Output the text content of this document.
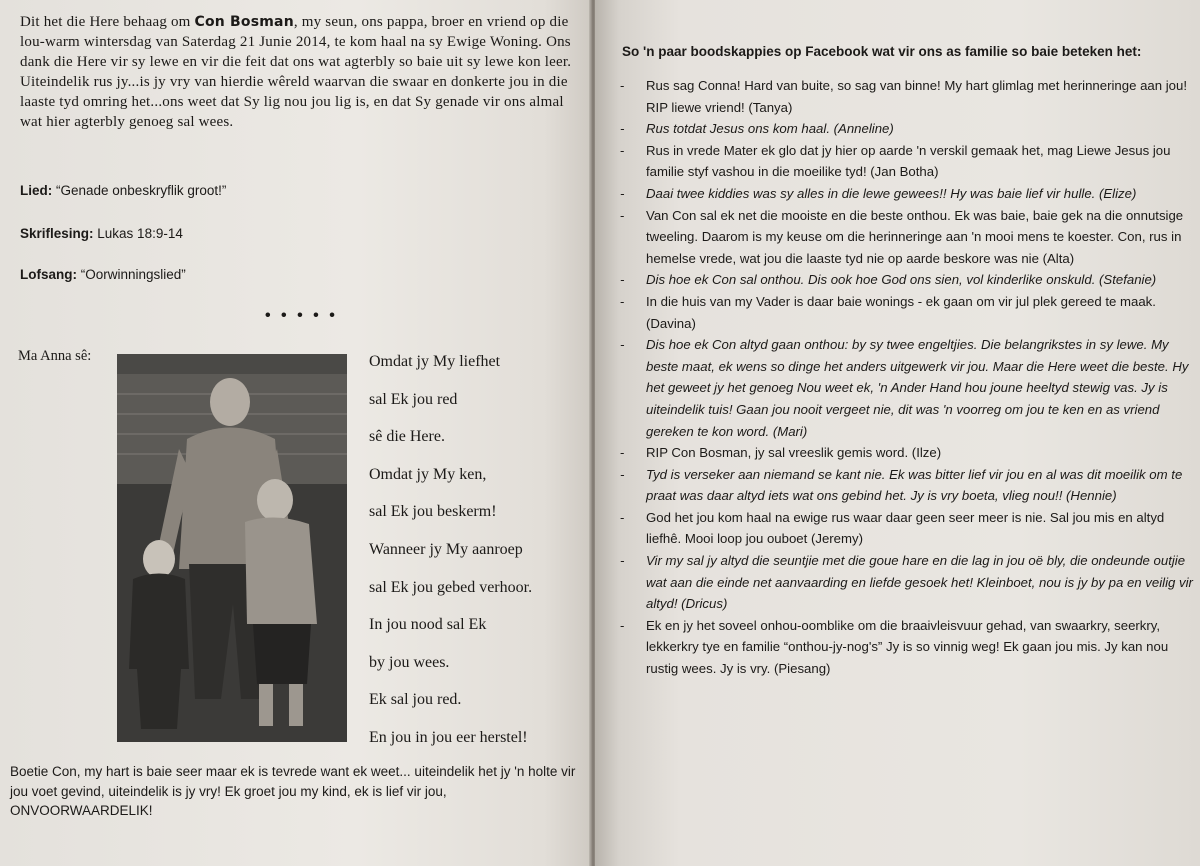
Dit het die Here behaag om Con Bosman, my seun, ons pappa, broer en vriend op die lou-warm wintersdag van Saterdag 21 Junie 2014, te kom haal na sy Ewige Woning. Ons dank die Here vir sy lewe en vir die feit dat ons wat agterbly so baie uit sy lewe kon leer. Uiteindelik rus jy...is jy vry van hierdie wêreld waarvan die swaar en donkerte jou in die laaste tyd omring het...ons weet dat Sy lig nou jou lig is, en dat Sy genade vir ons almal wat hier agterbly genoeg sal wees.

Lied: “Genade onbeskryflik groot!”

Skriflesing: Lukas 18:9-14

Lofsang: “Oorwinningslied”

• • • • •
Ma Anna sê:	Omdat jy My liefhet
sal Ek jou red
sê die Here.
Omdat jy My ken,
sal Ek jou beskerm!
Wanneer jy My aanroep
sal Ek jou gebed verhoor.
In jou nood sal Ek
by jou wees.
Ek sal jou red.
En jou in jou eer herstel!

Boetie Con, my hart is baie seer maar ek is tevrede want ek weet... uiteindelik het jy 'n holte vir jou voet gevind, uiteindelik is jy vry! Ek groet jou my kind, ek is lief vir jou, ONVOORWAARDELIK!

So 'n paar boodskappies op Facebook wat vir ons as familie so baie beteken het:

- Rus sag Conna! Hard van buite, so sag van binne! My hart glimlag met herinneringe aan jou! RIP liewe vriend! (Tanya)
- Rus totdat Jesus ons kom haal. (Anneline)
- Rus in vrede Mater ek glo dat jy hier op aarde 'n verskil gemaak het, mag Liewe Jesus jou familie styf vashou in die moeilike tyd! (Jan Botha)
- Daai twee kiddies was sy alles in die lewe gewees!! Hy was baie lief vir hulle. (Elize)
- Van Con sal ek net die mooiste en die beste onthou. Ek was baie, baie gek na die onnutsige tweeling. Daarom is my keuse om die herinneringe aan 'n mooi mens te koester. Con, rus in hemelse vrede, wat jou die laaste tyd nie op aarde beskore was nie (Alta)
- Dis hoe ek Con sal onthou. Dis ook hoe God ons sien, vol kinderlike onskuld. (Stefanie)
- In die huis van my Vader is daar baie wonings - ek gaan om vir jul plek gereed te maak. (Davina)
- Dis hoe ek Con altyd gaan onthou: by sy twee engeltjies. Die belangrikstes in sy lewe. My beste maat, ek wens so dinge het anders uitgewerk vir jou. Maar die Here weet die beste. Hy het geweet jy het genoeg Nou weet ek, 'n Ander Hand hou joune heeltyd stewig vas. Jy is uiteindelik tuis! Gaan jou nooit vergeet nie, dit was 'n voorreg om jou te ken en as vriend gereken te kon word. (Mari)
- RIP Con Bosman, jy sal vreeslik gemis word. (Ilze)
- Tyd is verseker aan niemand se kant nie. Ek was bitter lief vir jou en al was dit moeilik om te praat was daar altyd iets wat ons gebind het. Jy is vry boeta, vlieg nou!! (Hennie)
- God het jou kom haal na ewige rus waar daar geen seer meer is nie. Sal jou mis en altyd liefhê. Mooi loop jou ouboet (Jeremy)
- Vir my sal jy altyd die seuntjie met die goue hare en die lag in jou oë bly, die ondeunde outjie wat aan die einde net aanvaarding en liefde gesoek het! Kleinboet, nou is jy by pa en veilig vir altyd! (Dricus)
- Ek en jy het soveel onhou-oomblike om die braaivleisvuur gehad, van swaarkry, seerkry, lekkerkry tye en familie “onthou-jy-nog's” Jy is so vinnig weg! Ek gaan jou mis. Jy kan nou rustig wees. Jy is vry. (Piesang)
